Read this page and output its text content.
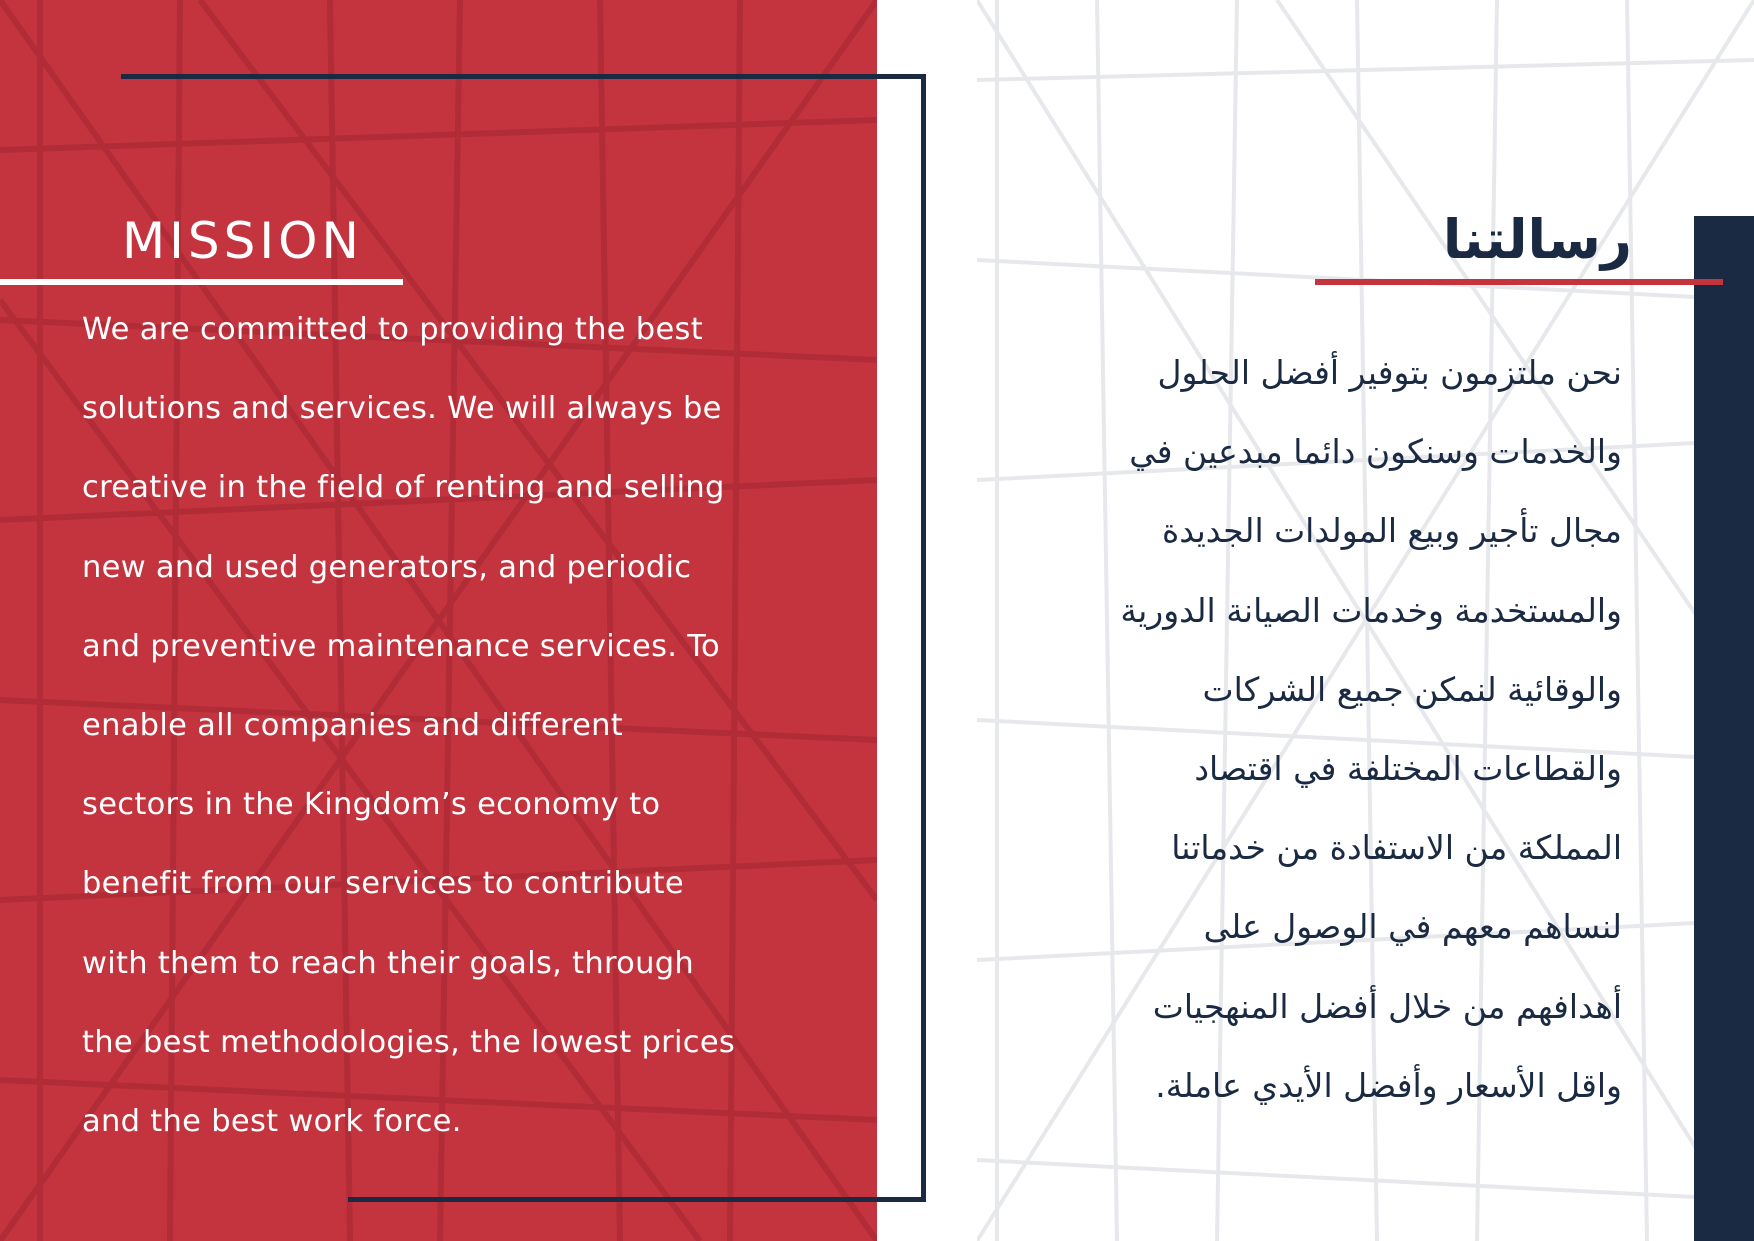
MISSION

We are committed to providing the best
solutions and services. We will always be
creative in the field of renting and selling
new and used generators, and periodic
and preventive maintenance services. To
enable all companies and different
sectors in the Kingdom’s economy to
benefit from our services to contribute
with them to reach their goals, through
the best methodologies, the lowest prices
and the best work force.

رسالتنا

نحن ملتزمون بتوفير أفضل الحلول
والخدمات وسنكون دائما مبدعين في
مجال تأجير وبيع المولدات الجديدة
والمستخدمة وخدمات الصيانة الدورية
والوقائية لنمكن جميع الشركات
والقطاعات المختلفة في اقتصاد
المملكة من الاستفادة من خدماتنا
لنساهم معهم في الوصول على
أهدافهم من خلال أفضل المنهجيات
واقل الأسعار وأفضل الأيدي عاملة.
